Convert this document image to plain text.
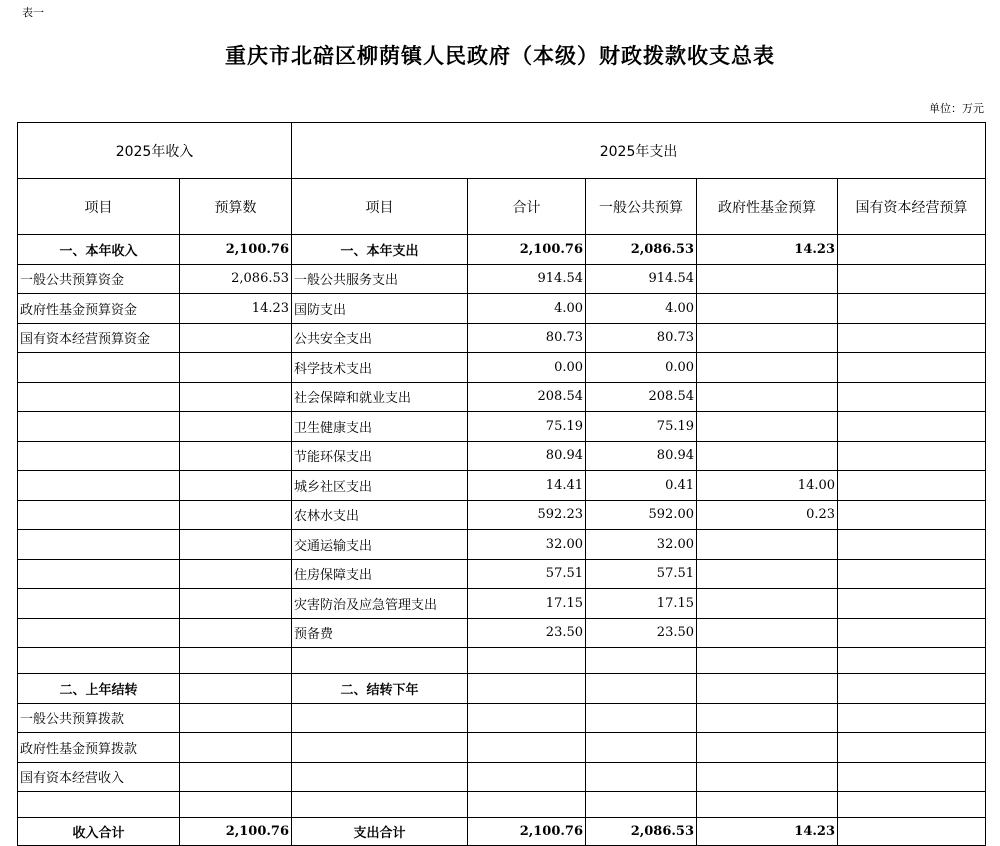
表一
重庆市北碚区柳荫镇人民政府（本级）财政拨款收支总表
单位：万元
2025年收入		2025年支出				
项目	预算数	项目	合计	一般公共预算	政府性基金预算	国有资本经营预算
一、本年收入	2,100.76	一、本年支出	2,100.76	2,086.53	14.23	
一般公共预算资金	2,086.53	一般公共服务支出	914.54	914.54		
政府性基金预算资金	14.23	国防支出	4.00	4.00		
国有资本经营预算资金		公共安全支出	80.73	80.73		
		科学技术支出	0.00	0.00		
		社会保障和就业支出	208.54	208.54		
		卫生健康支出	75.19	75.19		
		节能环保支出	80.94	80.94		
		城乡社区支出	14.41	0.41	14.00	
		农林水支出	592.23	592.00	0.23	
		交通运输支出	32.00	32.00		
		住房保障支出	57.51	57.51		
		灾害防治及应急管理支出	17.15	17.15		
		预备费	23.50	23.50		

二、上年结转		二、结转下年				
一般公共预算拨款						
政府性基金预算拨款						
国有资本经营收入						

收入合计	2,100.76	支出合计	2,100.76	2,086.53	14.23	
